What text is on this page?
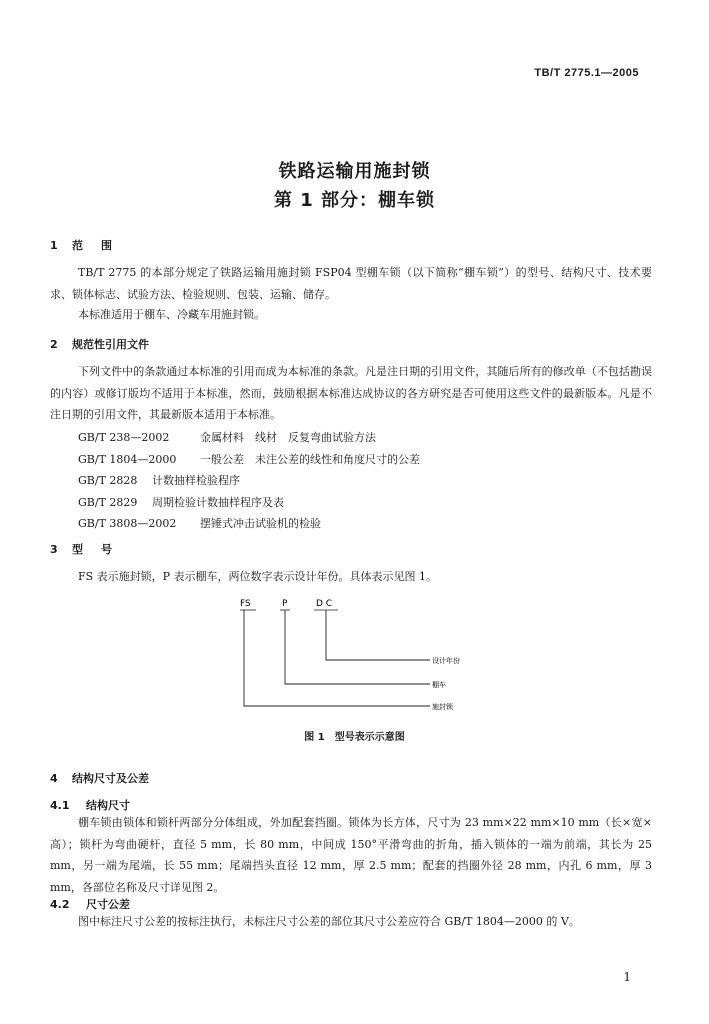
TB/T 2775.1—2005
铁路运输用施封锁
第 1 部分：棚车锁
1 范围

TB/T 2775 的本部分规定了铁路运输用施封锁 FSP04 型棚车锁（以下简称“棚车锁”）的型号、结构尺寸、技术要求、锁体标志、试验方法、检验规则、包装、运输、储存。

本标准适用于棚车、冷藏车用施封锁。

2 规范性引用文件

下列文件中的条款通过本标准的引用而成为本标准的条款。凡是注日期的引用文件，其随后所有的修改单（不包括勘误的内容）或修订版均不适用于本标准，然而，鼓励根据本标准达成协议的各方研究是否可使用这些文件的最新版本。凡是不注日期的引用文件，其最新版本适用于本标准。

GB/T 238—2002	金属材料　线材　反复弯曲试验方法
GB/T 1804—2000 一般公差　未注公差的线性和角度尺寸的公差
GB/T 2828 计数抽样检验程序
GB/T 2829 周期检验计数抽样程序及表
GB/T 3808—2002 摆锤式冲击试验机的检验
3 型号
FS 表示施封锁，P 表示棚车，两位数字表示设计年份。具体表示见图 1。
FS	P	D C
设计年份
棚车
施封锁
图 1　型号表示示意图
4 结构尺寸及公差
4.1 结构尺寸

棚车锁由锁体和锁杆两部分分体组成，外加配套挡圈。锁体为长方体，尺寸为 23 mm×22 mm×10 mm（长×宽×高）；锁杆为弯曲硬杆，直径 5 mm，长 80 mm，中间成 150°平滑弯曲的折角，插入锁体的一端为前端，其长为 25 mm，另一端为尾端，长 55 mm；尾端挡头直径 12 mm，厚 2.5 mm；配套的挡圈外径 28 mm，内孔 6 mm，厚 3 mm，各部位名称及尺寸详见图 2。

4.2 尺寸公差

图中标注尺寸公差的按标注执行，未标注尺寸公差的部位其尺寸公差应符合 GB/T 1804—2000 的 V。

1
